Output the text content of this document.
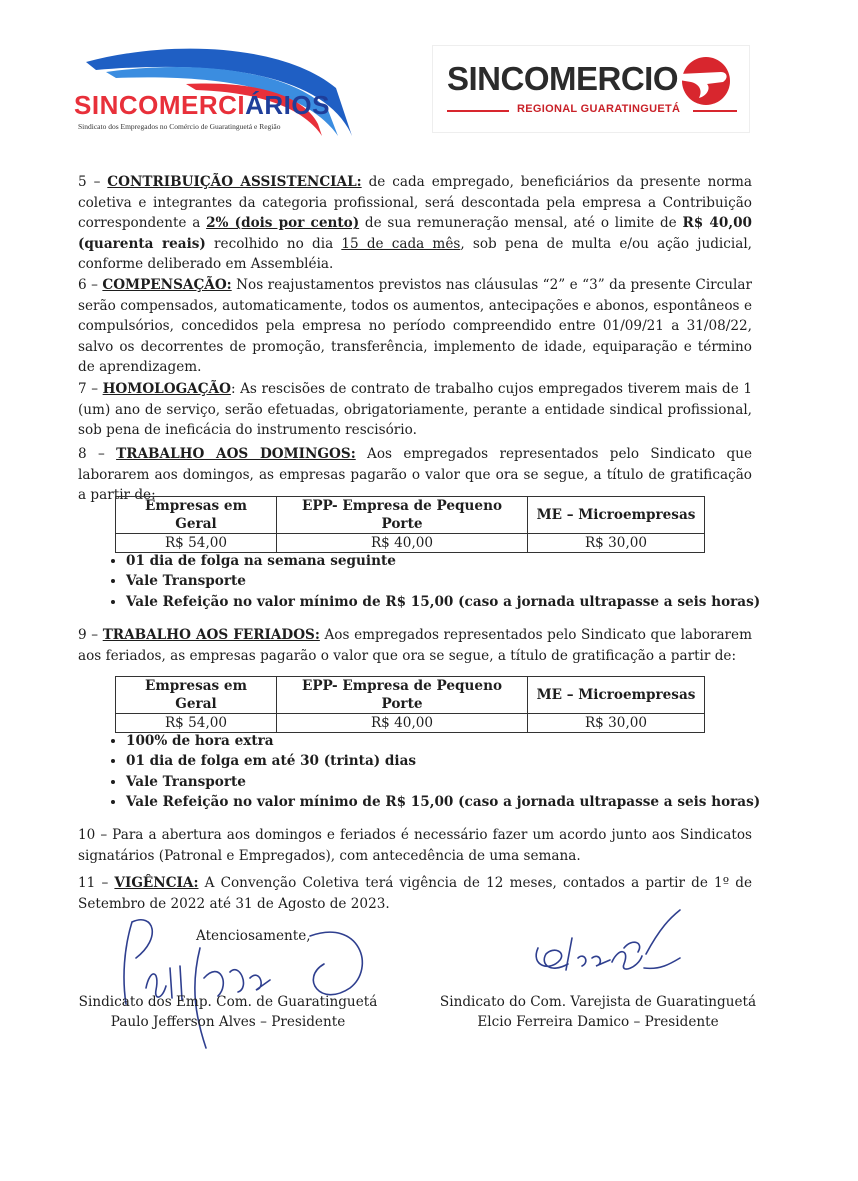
SINCOMERCIÁRIOS
Sindicato dos Empregados no Comércio de Guaratinguetá e Região
SINCOMERCIO
REGIONAL GUARATINGUETÁ

5 – CONTRIBUIÇÃO ASSISTENCIAL: de cada empregado, beneficiários da presente norma coletiva e integrantes da categoria profissional, será descontada pela empresa a Contribuição correspondente a 2% (dois por cento) de sua remuneração mensal, até o limite de R$ 40,00 (quarenta reais) recolhido no dia 15 de cada mês, sob pena de multa e/ou ação judicial, conforme deliberado em Assembléia.

6 – COMPENSAÇÃO: Nos reajustamentos previstos nas cláusulas “2” e “3” da presente Circular serão compensados, automaticamente, todos os aumentos, antecipações e abonos, espontâneos e compulsórios, concedidos pela empresa no período compreendido entre 01/09/21 a 31/08/22, salvo os decorrentes de promoção, transferência, implemento de idade, equiparação e término de aprendizagem.

7 – HOMOLOGAÇÃO: As rescisões de contrato de trabalho cujos empregados tiverem mais de 1 (um) ano de serviço, serão efetuadas, obrigatoriamente, perante a entidade sindical profissional, sob pena de ineficácia do instrumento rescisório.

8 – TRABALHO AOS DOMINGOS: Aos empregados representados pelo Sindicato que laborarem aos domingos, as empresas pagarão o valor que ora se segue, a título de gratificação a partir de:

Empresas em Geral	EPP- Empresa de Pequeno Porte	ME – Microempresas
R$ 54,00	R$ 40,00	R$ 30,00
• 01 dia de folga na semana seguinte
• Vale Transporte
• Vale Refeição no valor mínimo de R$ 15,00 (caso a jornada ultrapasse a seis horas)

9 – TRABALHO AOS FERIADOS: Aos empregados representados pelo Sindicato que laborarem aos feriados, as empresas pagarão o valor que ora se segue, a título de gratificação a partir de:

Empresas em Geral	EPP- Empresa de Pequeno Porte	ME – Microempresas
R$ 54,00	R$ 40,00	R$ 30,00
• 100% de hora extra
• 01 dia de folga em até 30 (trinta) dias
• Vale Transporte
• Vale Refeição no valor mínimo de R$ 15,00 (caso a jornada ultrapasse a seis horas)

10 – Para a abertura aos domingos e feriados é necessário fazer um acordo junto aos Sindicatos signatários (Patronal e Empregados), com antecedência de uma semana.

11 – VIGÊNCIA: A Convenção Coletiva terá vigência de 12 meses, contados a partir de 1º de Setembro de 2022 até 31 de Agosto de 2023.

Atenciosamente,
Sindicato dos Emp. Com. de Guaratinguetá
Paulo Jefferson Alves – Presidente
Sindicato do Com. Varejista de Guaratinguetá
Elcio Ferreira Damico – Presidente
